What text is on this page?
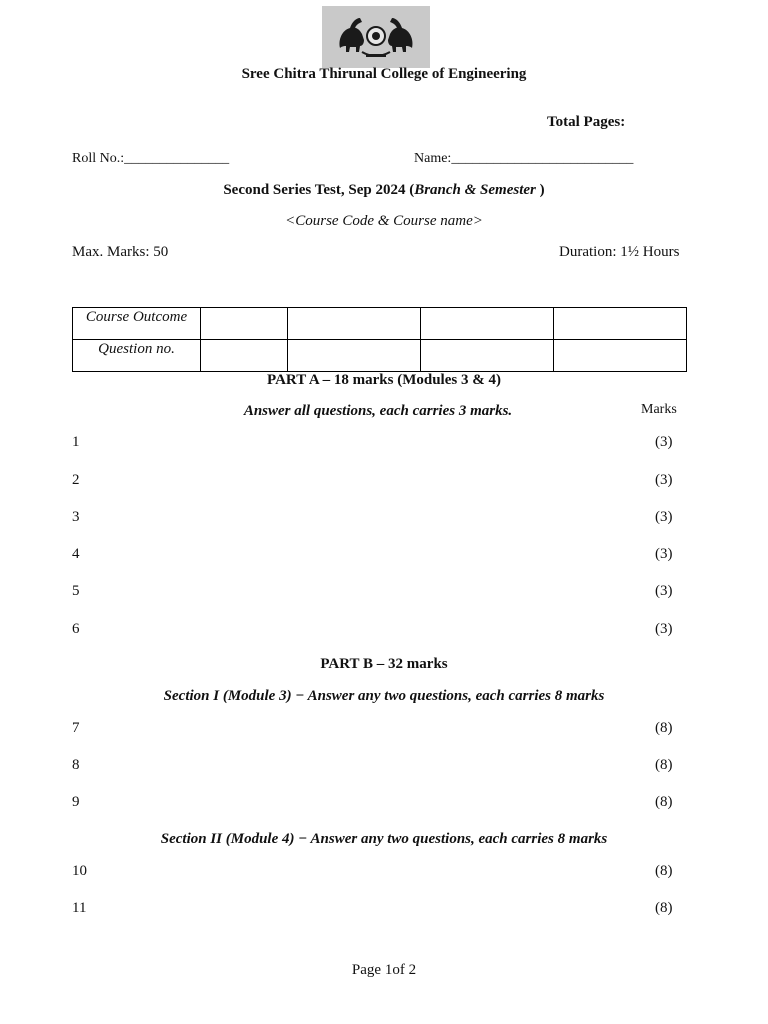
Sree Chitra Thirunal College of Engineering
Total Pages:
Roll No.:_______________	Name:__________________________
Second Series Test, Sep 2024 (Branch & Semester )
<Course Code & Course name>
Max. Marks: 50	Duration: 1½ Hours
Course Outcome				
Question no.				
PART A – 18 marks (Modules 3 & 4)
Answer all questions, each carries 3 marks.	Marks
1	(3)
2	(3)
3	(3)
4	(3)
5	(3)
6	(3)
PART B – 32 marks
Section I (Module 3) − Answer any two questions, each carries 8 marks
7	(8)
8	(8)
9	(8)
Section II (Module 4) − Answer any two questions, each carries 8 marks
10	(8)
11	(8)
Page 1of 2
